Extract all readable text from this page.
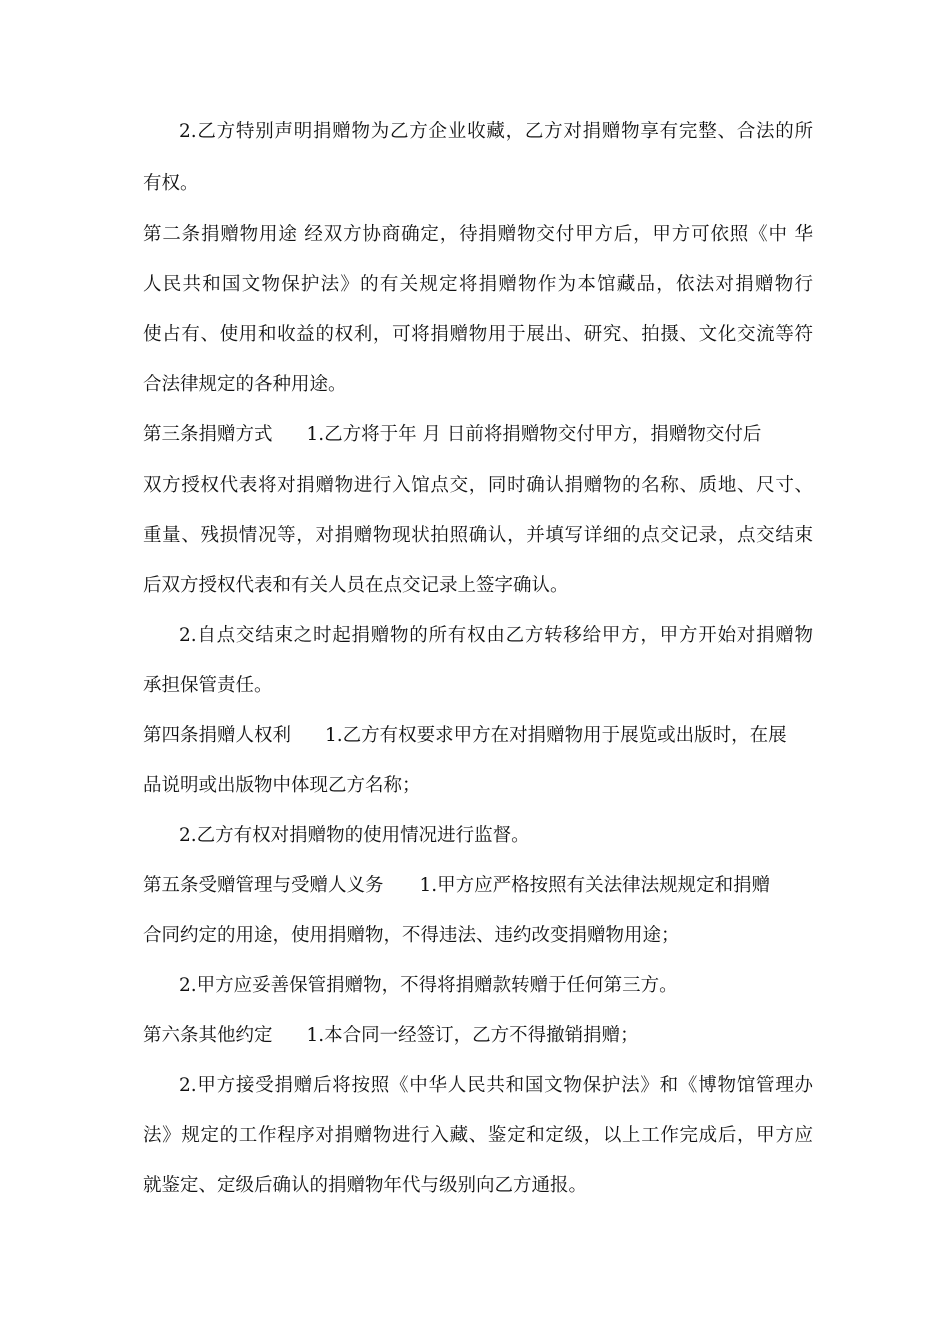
2.乙方特别声明捐赠物为乙方企业收藏，乙方对捐赠物享有完整、合法的所
有权。
第二条捐赠物用途 经双方协商确定，待捐赠物交付甲方后，甲方可依照《中 华
人民共和国文物保护法》的有关规定将捐赠物作为本馆藏品，依法对捐赠物行
使占有、使用和收益的权利，可将捐赠物用于展出、研究、拍摄、文化交流等符
合法律规定的各种用途。
第三条捐赠方式 1.乙方将于年 月 日前将捐赠物交付甲方，捐赠物交付后
双方授权代表将对捐赠物进行入馆点交，同时确认捐赠物的名称、质地、尺寸、
重量、残损情况等，对捐赠物现状拍照确认，并填写详细的点交记录，点交结束
后双方授权代表和有关人员在点交记录上签字确认。
2.自点交结束之时起捐赠物的所有权由乙方转移给甲方，甲方开始对捐赠物
承担保管责任。
第四条捐赠人权利 1.乙方有权要求甲方在对捐赠物用于展览或出版时，在展
品说明或出版物中体现乙方名称；
2.乙方有权对捐赠物的使用情况进行监督。
第五条受赠管理与受赠人义务 1.甲方应严格按照有关法律法规规定和捐赠
合同约定的用途，使用捐赠物，不得违法、违约改变捐赠物用途；
2.甲方应妥善保管捐赠物，不得将捐赠款转赠于任何第三方。
第六条其他约定 1.本合同一经签订，乙方不得撤销捐赠；
2.甲方接受捐赠后将按照《中华人民共和国文物保护法》和《博物馆管理办
法》规定的工作程序对捐赠物进行入藏、鉴定和定级，以上工作完成后，甲方应
就鉴定、定级后确认的捐赠物年代与级别向乙方通报。
